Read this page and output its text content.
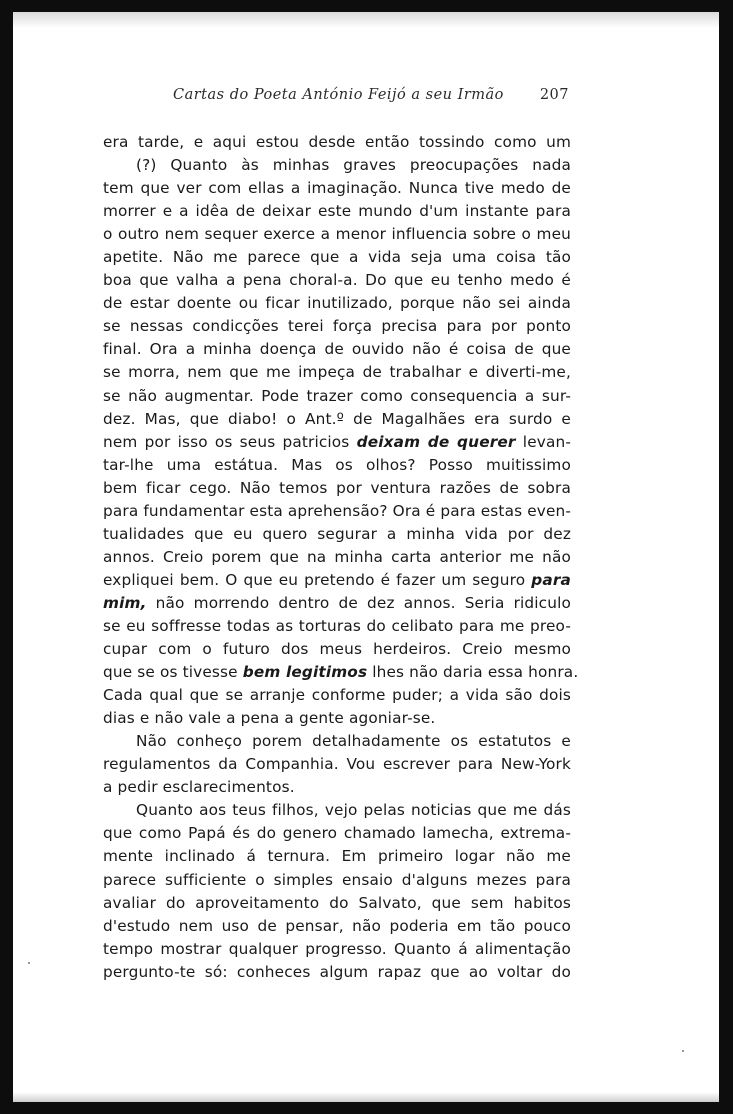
Cartas do Poeta António Feijó a seu Irmão 207
era tarde, e aqui estou desde então tossindo como um
(?) Quanto às minhas graves preocupações nada
tem que ver com ellas a imaginação. Nunca tive medo de
morrer e a idêa de deixar este mundo d'um instante para
o outro nem sequer exerce a menor influencia sobre o meu
apetite. Não me parece que a vida seja uma coisa tão
boa que valha a pena choral-a. Do que eu tenho medo é
de estar doente ou ficar inutilizado, porque não sei ainda
se nessas condicções terei força precisa para por ponto
final. Ora a minha doença de ouvido não é coisa de que
se morra, nem que me impeça de trabalhar e diverti-me,
se não augmentar. Pode trazer como consequencia a sur-
dez. Mas, que diabo! o Ant.º de Magalhães era surdo e
nem por isso os seus patricios deixam de querer levan-
tar-lhe uma estátua. Mas os olhos? Posso muitissimo
bem ficar cego. Não temos por ventura razões de sobra
para fundamentar esta aprehensão? Ora é para estas even-
tualidades que eu quero segurar a minha vida por dez
annos. Creio porem que na minha carta anterior me não
expliquei bem. O que eu pretendo é fazer um seguro para
mim, não morrendo dentro de dez annos. Seria ridiculo
se eu soffresse todas as torturas do celibato para me preo-
cupar com o futuro dos meus herdeiros. Creio mesmo
que se os tivesse bem legitimos lhes não daria essa honra.
Cada qual que se arranje conforme puder; a vida são dois
dias e não vale a pena a gente agoniar-se.
Não conheço porem detalhadamente os estatutos e
regulamentos da Companhia. Vou escrever para New-York
a pedir esclarecimentos.
Quanto aos teus filhos, vejo pelas noticias que me dás
que como Papá és do genero chamado lamecha, extrema-
mente inclinado á ternura. Em primeiro logar não me
parece sufficiente o simples ensaio d'alguns mezes para
avaliar do aproveitamento do Salvato, que sem habitos
d'estudo nem uso de pensar, não poderia em tão pouco
tempo mostrar qualquer progresso. Quanto á alimentação
pergunto-te só: conheces algum rapaz que ao voltar do
